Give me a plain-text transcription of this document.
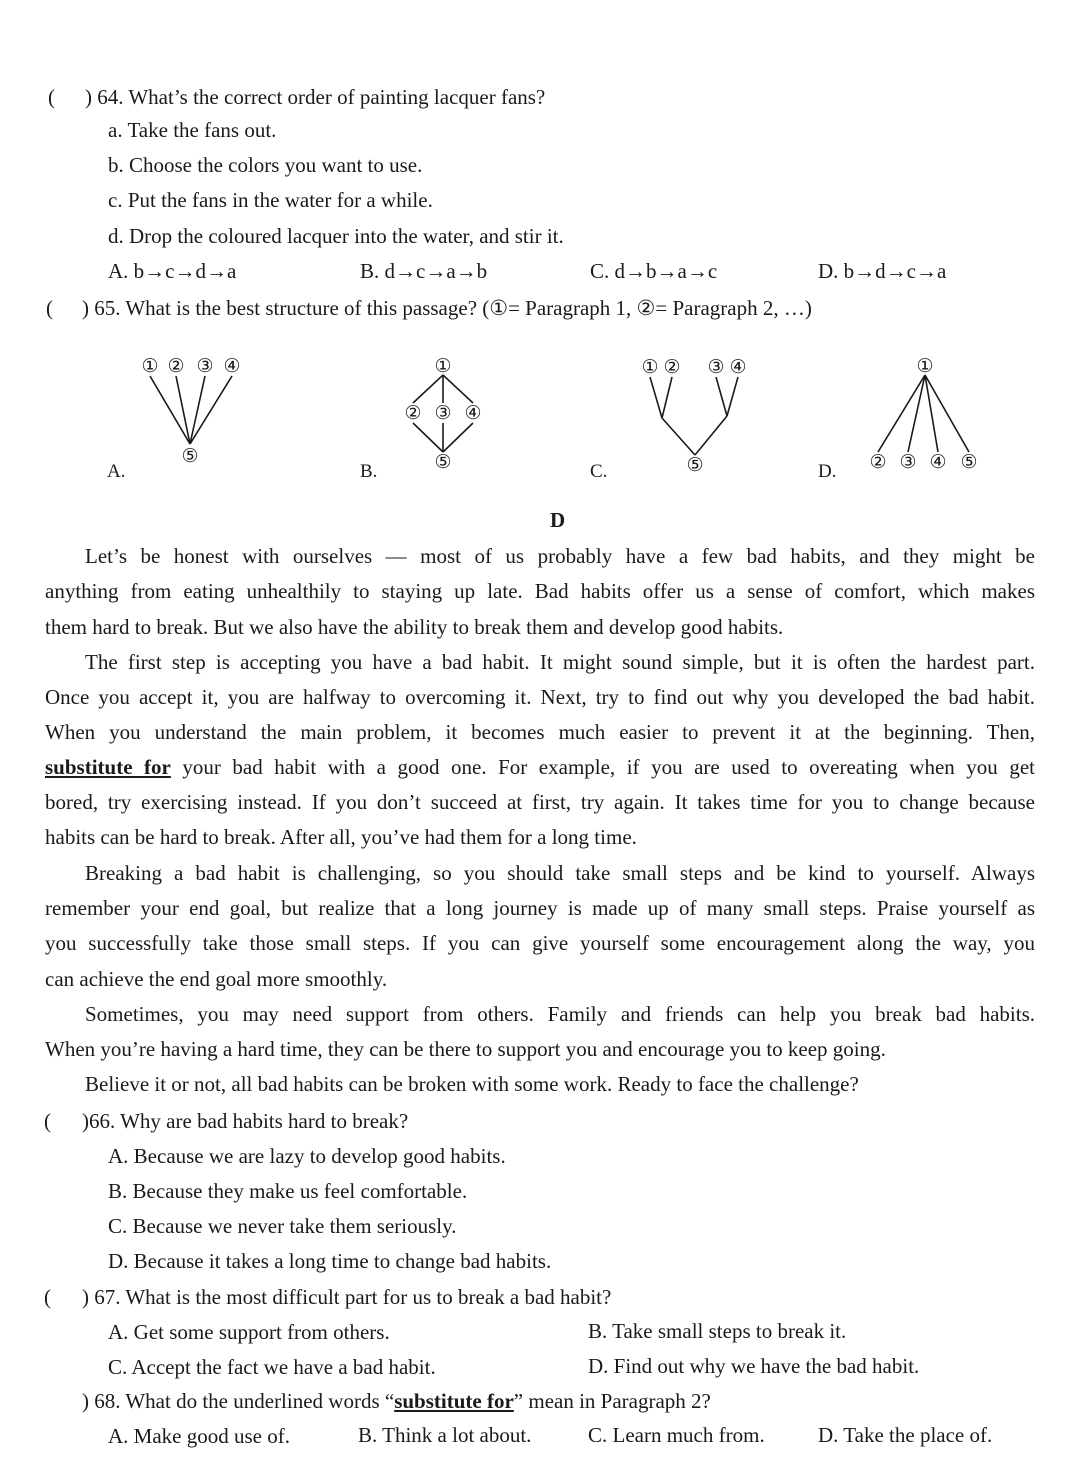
( ) 64. What’s the correct order of painting lacquer fans?
a. Take the fans out.
b. Choose the colors you want to use.
c. Put the fans in the water for a while.
d. Drop the coloured lacquer into the water, and stir it.
A. b→c→d→a	B. d→c→a→b	C. d→b→a→c	D. b→d→c→a
( ) 65. What is the best structure of this passage? (①= Paragraph 1, ②= Paragraph 2, …)
① ② ③ ④
⑤
A.
①
② ③ ④
⑤
B.
① ② ③ ④
⑤
C.
①
② ③ ④ ⑤
D.
D
Let’s be honest with ourselves — most of us probably have a few bad habits, and they might be
anything from eating unhealthily to staying up late. Bad habits offer us a sense of comfort, which makes
them hard to break. But we also have the ability to break them and develop good habits.
The first step is accepting you have a bad habit. It might sound simple, but it is often the hardest part.
Once you accept it, you are halfway to overcoming it. Next, try to find out why you developed the bad habit.
When you understand the main problem, it becomes much easier to prevent it at the beginning. Then,
substitute for your bad habit with a good one. For example, if you are used to overeating when you get
bored, try exercising instead. If you don’t succeed at first, try again. It takes time for you to change because
habits can be hard to break. After all, you’ve had them for a long time.
Breaking a bad habit is challenging, so you should take small steps and be kind to yourself. Always
remember your end goal, but realize that a long journey is made up of many small steps. Praise yourself as
you successfully take those small steps. If you can give yourself some encouragement along the way, you
can achieve the end goal more smoothly.
Sometimes, you may need support from others. Family and friends can help you break bad habits.
When you’re having a hard time, they can be there to support you and encourage you to keep going.
Believe it or not, all bad habits can be broken with some work. Ready to face the challenge?
( )66. Why are bad habits hard to break?
A. Because we are lazy to develop good habits.
B. Because they make us feel comfortable.
C. Because we never take them seriously.
D. Because it takes a long time to change bad habits.
( ) 67. What is the most difficult part for us to break a bad habit?
A. Get some support from others.	B. Take small steps to break it.
C. Accept the fact we have a bad habit.	D. Find out why we have the bad habit.
) 68. What do the underlined words “substitute for” mean in Paragraph 2?
A. Make good use of.	B. Think a lot about.	C. Learn much from.	D. Take the place of.
